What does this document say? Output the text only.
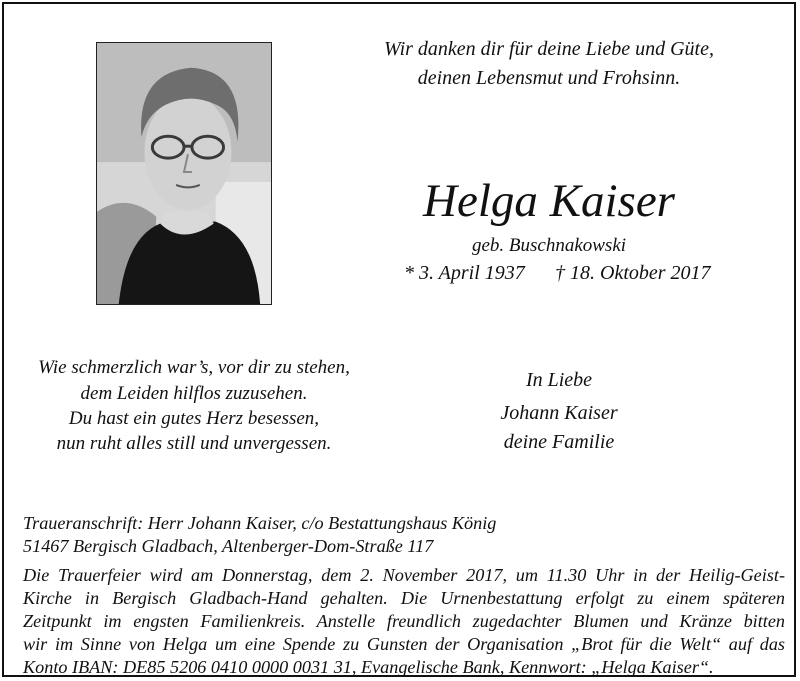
Wir danken dir für deine Liebe und Güte,
deinen Lebensmut und Frohsinn.
Helga Kaiser
geb. Buschnakowski
* 3. April 1937 † 18. Oktober 2017
Wie schmerzlich war’s, vor dir zu stehen,
dem Leiden hilflos zuzusehen.
Du hast ein gutes Herz besessen,
nun ruht alles still und unvergessen.
In Liebe
Johann Kaiser
deine Familie
Traueranschrift: Herr Johann Kaiser, c/o Bestattungshaus König
51467 Bergisch Gladbach, Altenberger-Dom-Straße 117
Die Trauerfeier wird am Donnerstag, dem 2. November 2017, um 11.30 Uhr in der Heilig-Geist-
Kirche in Bergisch Gladbach-Hand gehalten. Die Urnenbestattung erfolgt zu einem späteren
Zeitpunkt im engsten Familienkreis. Anstelle freundlich zugedachter Blumen und Kränze bitten
wir im Sinne von Helga um eine Spende zu Gunsten der Organisation „Brot für die Welt“ auf das
Konto IBAN: DE85 5206 0410 0000 0031 31, Evangelische Bank, Kennwort: „Helga Kaiser“.
